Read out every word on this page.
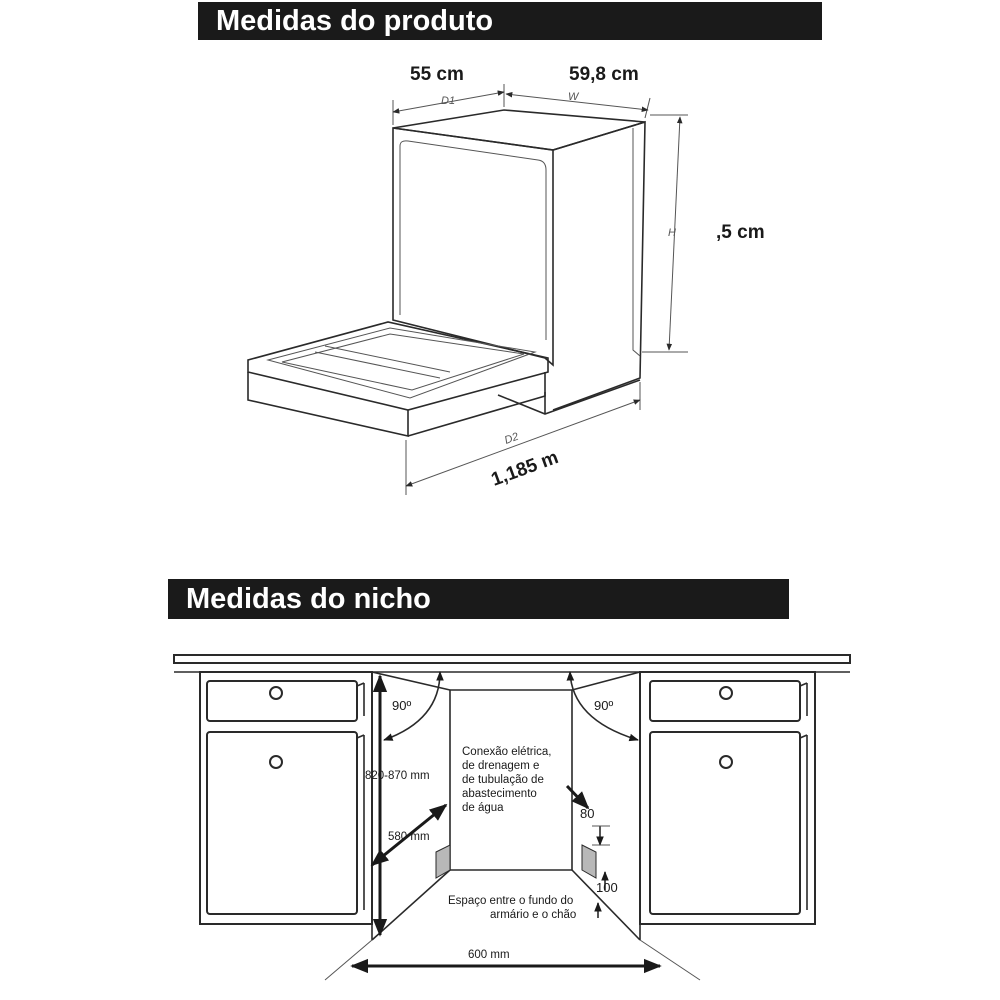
Medidas do produto
Medidas do nicho
D1
55 cm
W
59,8 cm
H ,5 cm
D2
1,185 m
90º	90º
820-870 mm
580 mm
Conexão elétrica,
de drenagem e
de tubulação de
abastecimento
de água	80
100
Espaço entre o fundo do
armário e o chão
600 mm
